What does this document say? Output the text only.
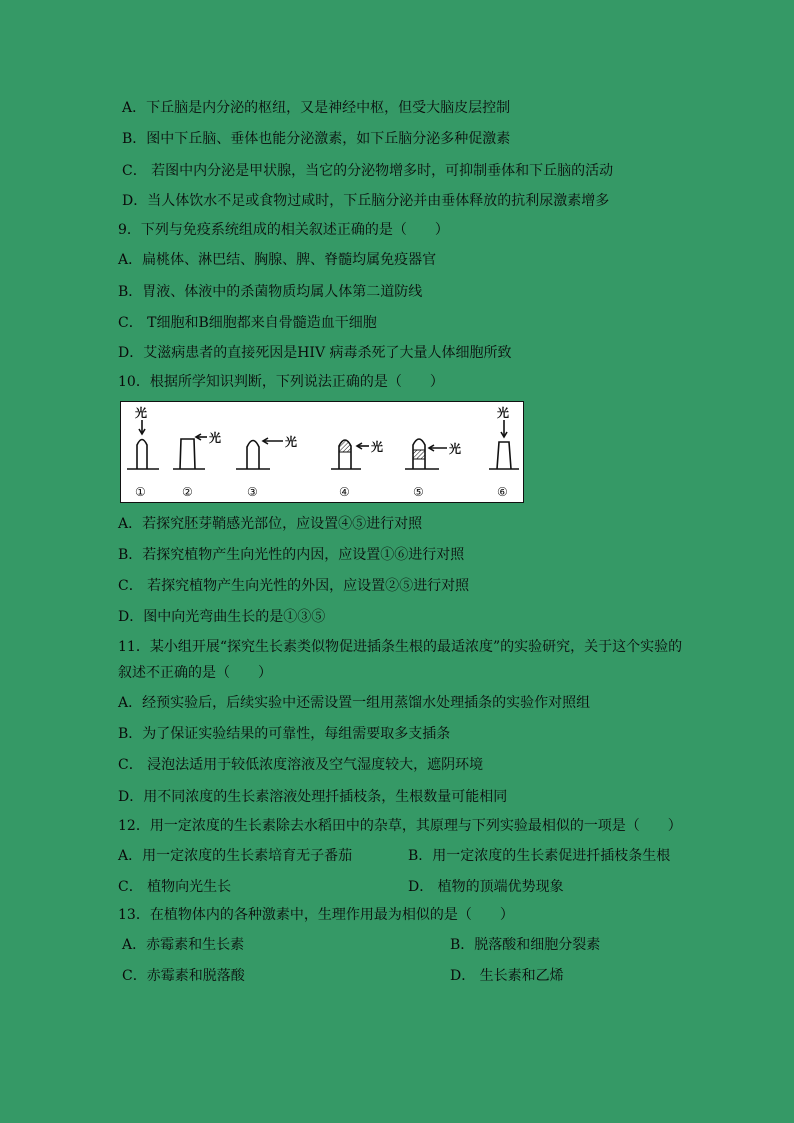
A．下丘脑是内分泌的枢纽，又是神经中枢，但受大脑皮层控制
B．图中下丘脑、垂体也能分泌激素，如下丘脑分泌多种促激素
C． 若图中内分泌是甲状腺，当它的分泌物增多时，可抑制垂体和下丘脑的活动
D．当人体饮水不足或食物过咸时，下丘脑分泌并由垂体释放的抗利尿激素增多
9．下列与免疫系统组成的相关叙述正确的是（　　）
A．扁桃体、淋巴结、胸腺、脾、脊髓均属免疫器官
B．胃液、体液中的杀菌物质均属人体第二道防线
C． T细胞和B细胞都来自骨髓造血干细胞
D．艾滋病患者的直接死因是HIV 病毒杀死了大量人体细胞所致
10．根据所学知识判断，下列说法正确的是（　　）
光
光	光	光	光
光
①	②	③	④	⑤	⑥
A．若探究胚芽鞘感光部位，应设置④⑤进行对照
B．若探究植物产生向光性的内因，应设置①⑥进行对照
C． 若探究植物产生向光性的外因，应设置②⑤进行对照
D．图中向光弯曲生长的是①③⑤
11．某小组开展“探究生长素类似物促进插条生根的最适浓度”的实验研究，关于这个实验的
叙述不正确的是（　　）
A．经预实验后，后续实验中还需设置一组用蒸馏水处理插条的实验作对照组
B．为了保证实验结果的可靠性，每组需要取多支插条
C． 浸泡法适用于较低浓度溶液及空气湿度较大，遮阴环境
D．用不同浓度的生长素溶液处理扦插枝条，生根数量可能相同
12．用一定浓度的生长素除去水稻田中的杂草，其原理与下列实验最相似的一项是（　　）
A．用一定浓度的生长素培育无子番茄	B．用一定浓度的生长素促进扦插枝条生根
C． 植物向光生长	D． 植物的顶端优势现象
13．在植物体内的各种激素中，生理作用最为相似的是（　　）
A．赤霉素和生长素	B．脱落酸和细胞分裂素
C．赤霉素和脱落酸	D． 生长素和乙烯
